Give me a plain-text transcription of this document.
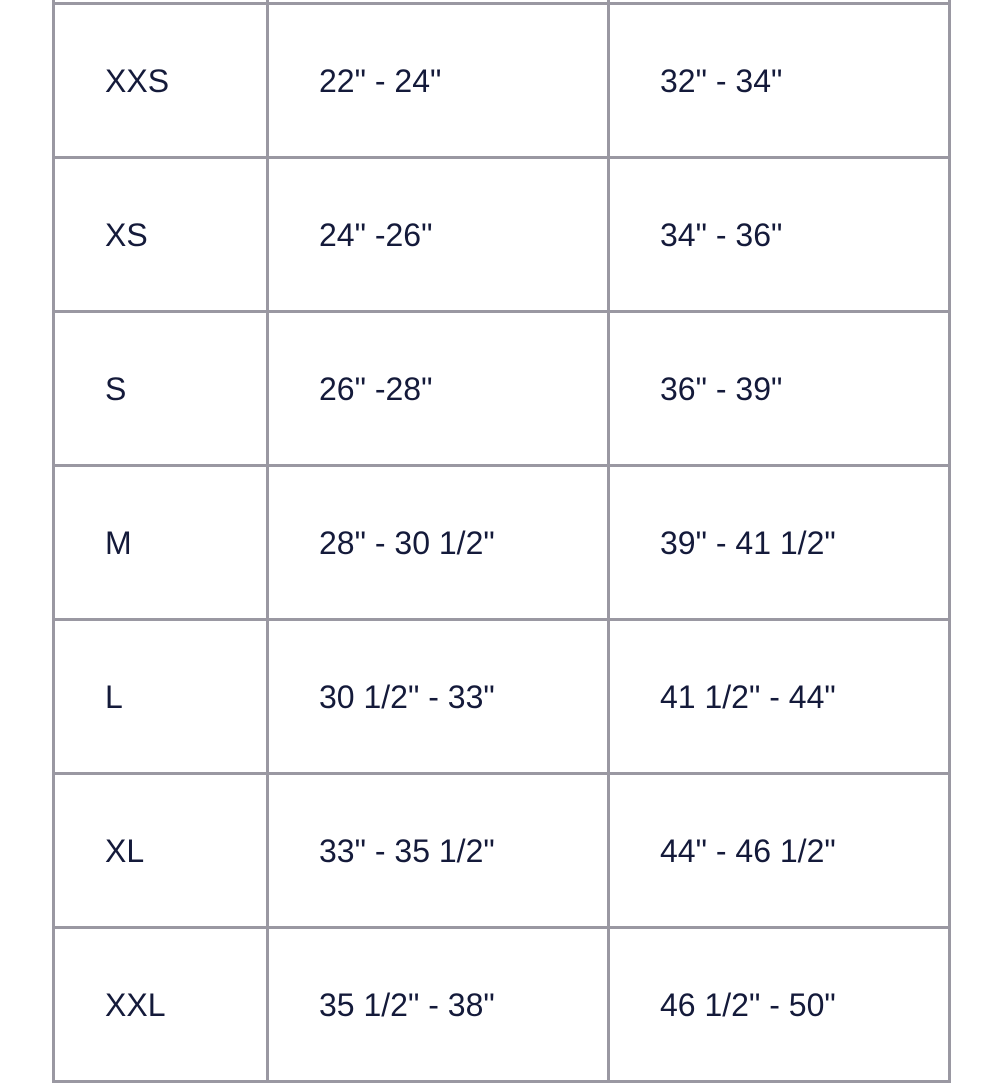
XXS	22" - 24"	32" - 34"
XS	24" -26"	34" - 36"
S	26" -28"	36" - 39"
M	28" - 30 1/2"	39" - 41 1/2"
L	30 1/2" - 33"	41 1/2" - 44"
XL	33" - 35 1/2"	44" - 46 1/2"
XXL	35 1/2" - 38"	46 1/2" - 50"
